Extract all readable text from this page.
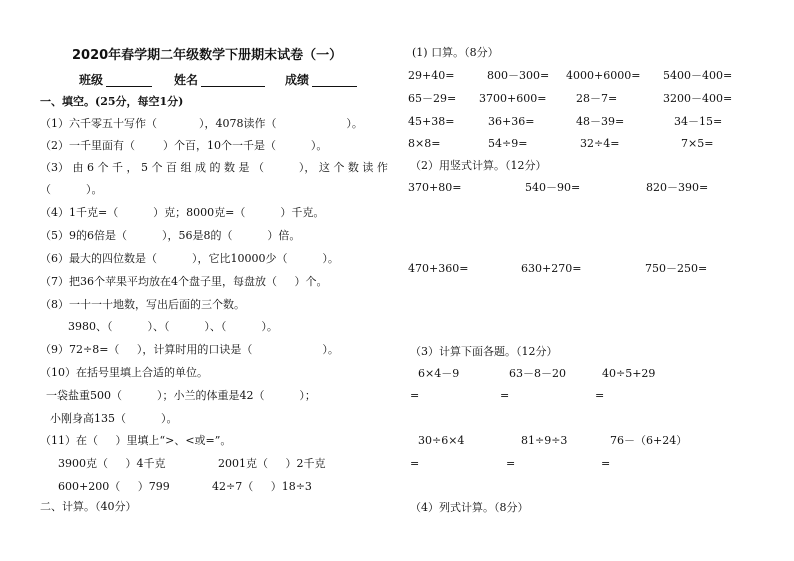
2020年春学期二年级数学下册期末试卷（一）
班级	姓名	成绩
一、填空。(25分，每空1分)
（1）六千零五十写作（            ），4078读作（                    ）。
（2）一千里面有（        ）个百，10个一千是（          ）。
（3） 由 6 个 千 ， 5 个 百 组 成 的 数 是 （          ）， 这 个 数 读 作
（          ）。
（4）1千克=（          ）克；8000克=（          ）千克。
（5）9的6倍是（          ），56是8的（          ）倍。
（6）最大的四位数是（          ），它比10000少（          ）。
（7）把36个苹果平均放在4个盘子里，每盘放（     ）个。
（8）一十一十地数，写出后面的三个数。
3980、（          ）、（          ）、（          ）。
（9）72÷8=（     ），计算时用的口诀是（                    ）。
（10）在括号里填上合适的单位。
一袋盐重500（          ）；小兰的体重是42（          ）；
小刚身高135（          ）。
（11）在（     ）里填上“>、<或=”。
3900克（     ）4千克	2001克（     ）2千克
600+200（     ）799	42÷7（     ）18÷3
二、计算。（40分）
(1) 口算。（8分）
29+40=	800－300= 4000+6000= 5400－400=
65－29= 3700+600=	28－7=	3200－400=
45+38=	36+36=	48－39=	34－15=
8×8=	54÷9=	32÷4=	7×5=
（2）用竖式计算。（12分）
370+80=	540－90=	820－390=
470+360=	630+270=	750－250=
（3）计算下面各题。（12分）
6×4－9	63－8－20	40÷5+29
=	=	=
30÷6×4	81÷9÷3	76－（6+24）
=	=	=
（4）列式计算。（8分）
